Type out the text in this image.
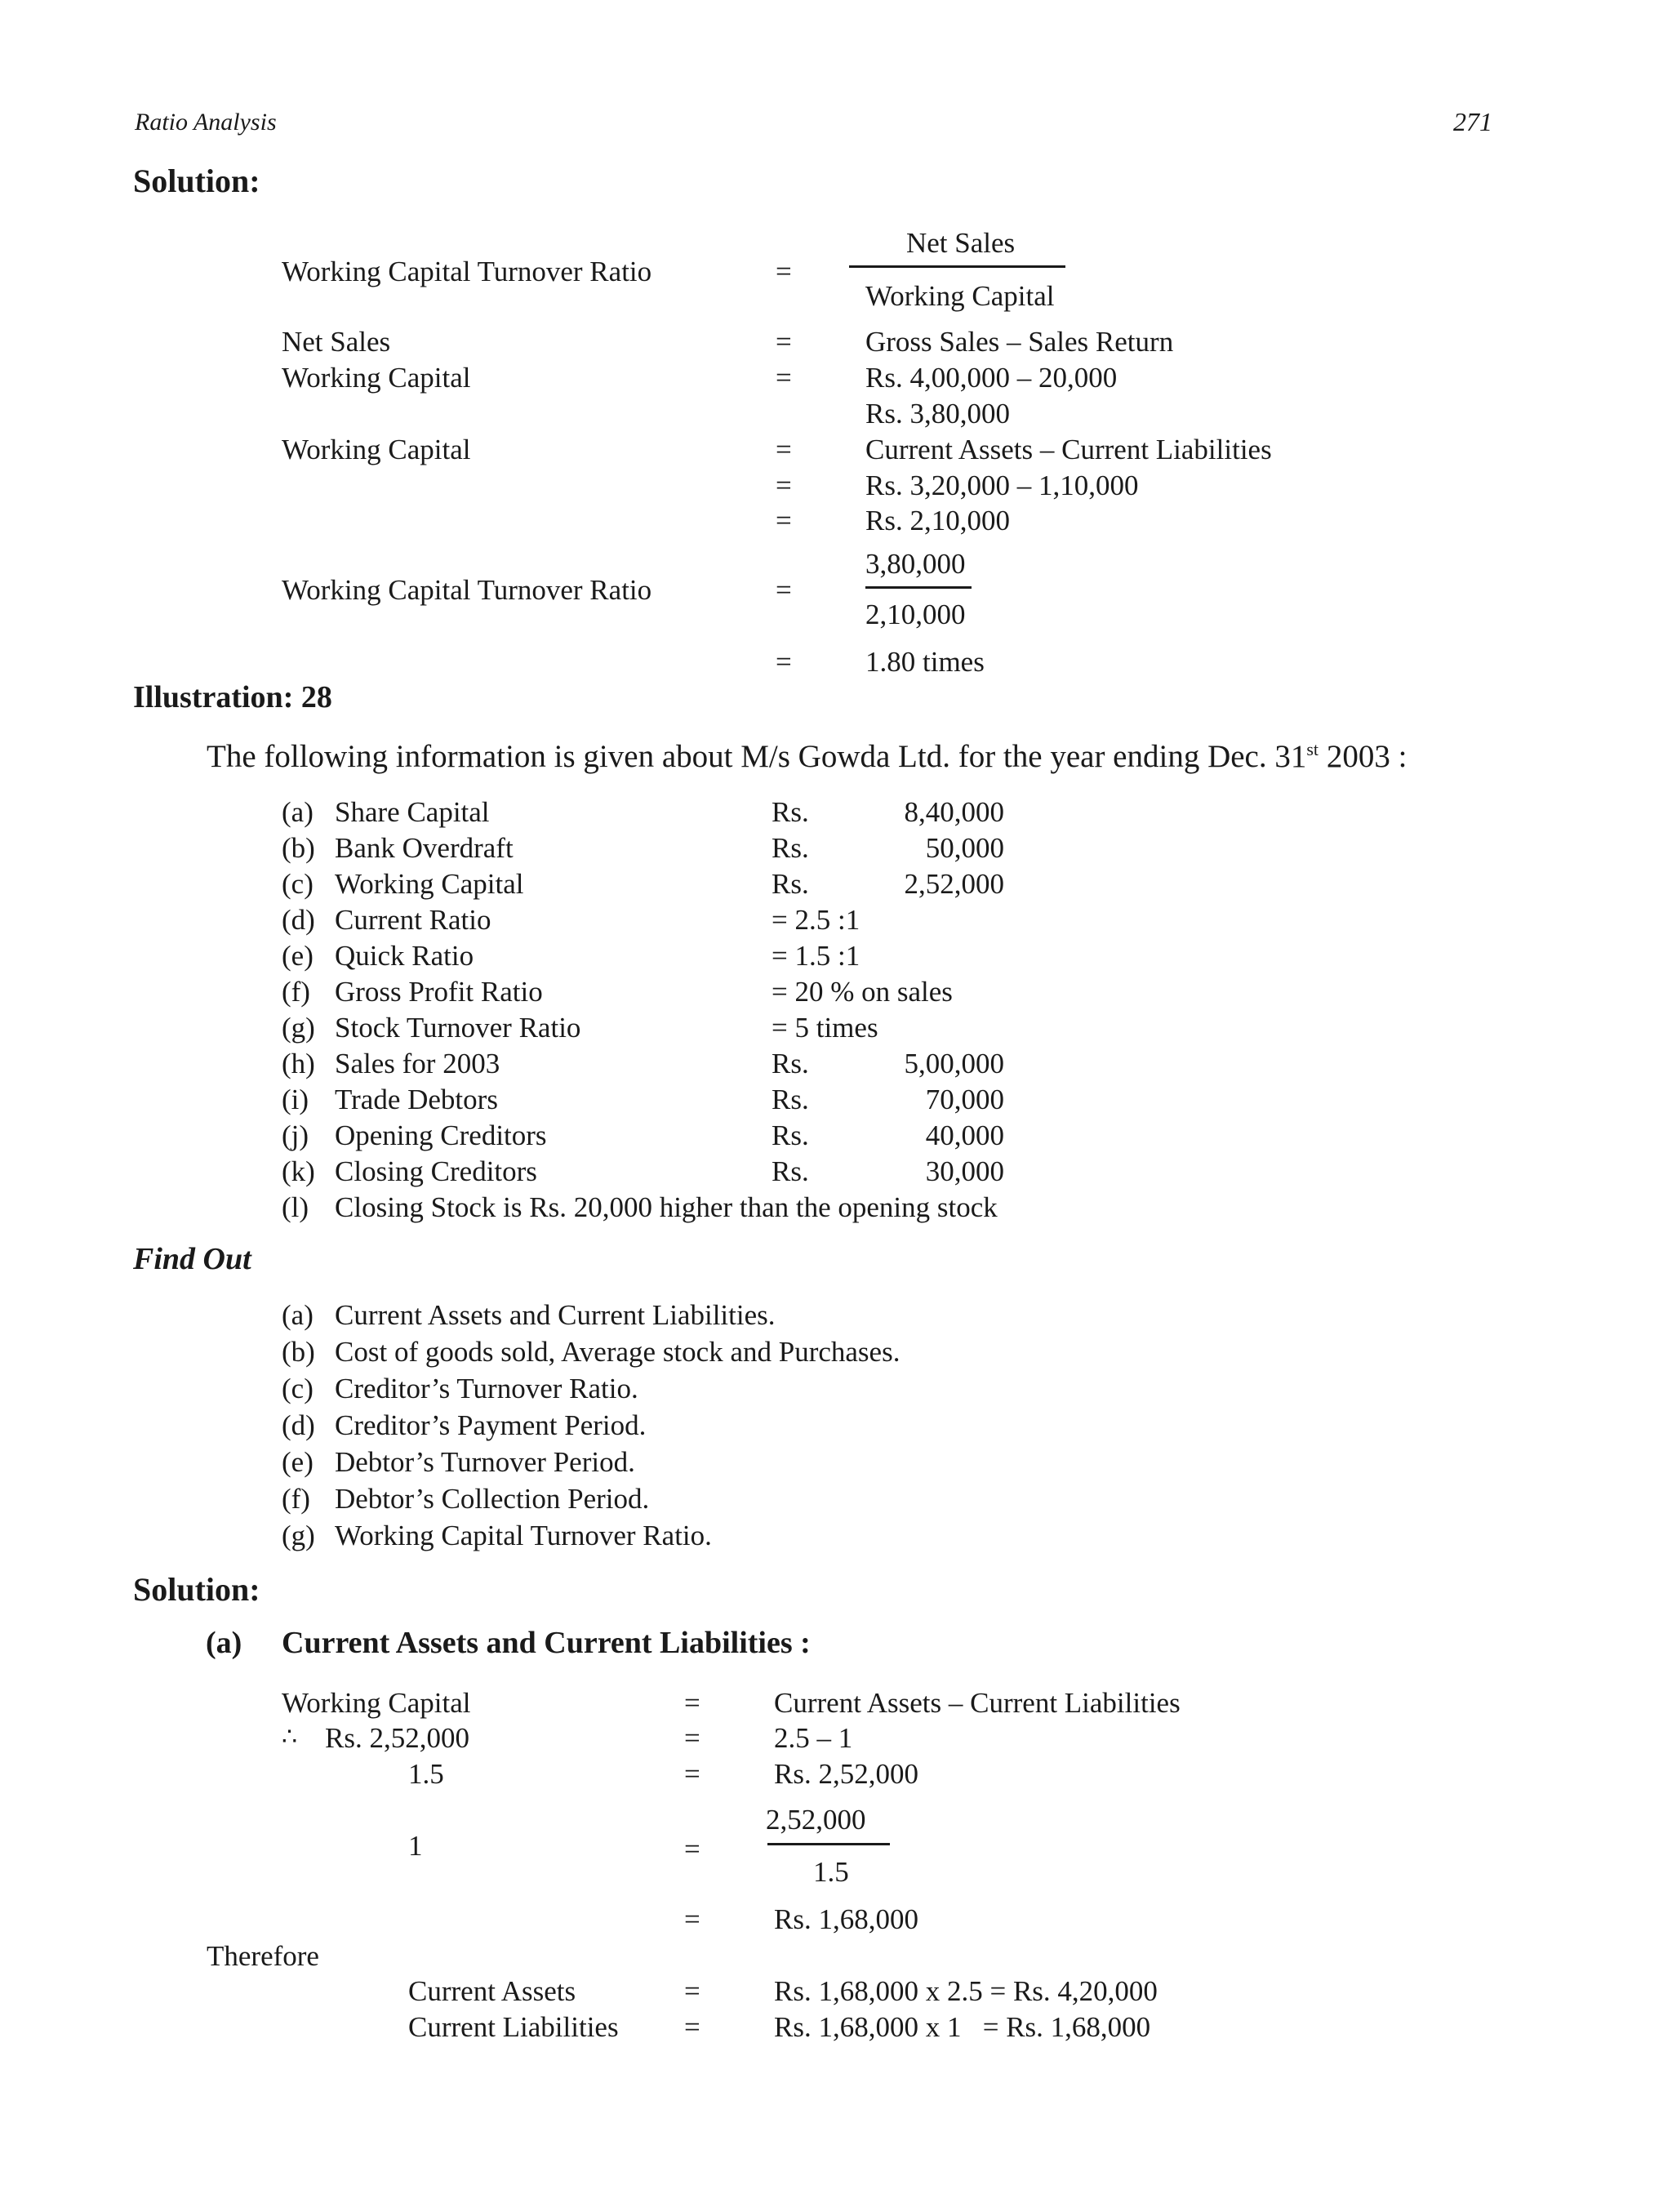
Ratio Analysis	271
Solution:
Net Sales
Working Capital Turnover Ratio	=
Working Capital
Net Sales	=	Gross Sales – Sales Return
Working Capital	=	Rs. 4,00,000 – 20,000
Rs. 3,80,000
Working Capital	=	Current Assets – Current Liabilities
=	Rs. 3,20,000 – 1,10,000
=	Rs. 2,10,000
3,80,000
Working Capital Turnover Ratio	=
2,10,000
=	1.80 times
Illustration: 28
The following information is given about M/s Gowda Ltd. for the year ending Dec. 31st 2003 :
(a) Share Capital	Rs.	8,40,000
(b) Bank Overdraft	Rs.	50,000
(c) Working Capital	Rs.	2,52,000
(d) Current Ratio	= 2.5 :1
(e) Quick Ratio	= 1.5 :1
(f) Gross Profit Ratio	= 20 % on sales
(g) Stock Turnover Ratio	= 5 times
(h) Sales for 2003	Rs.	5,00,000
(i) Trade Debtors	Rs.	70,000
(j) Opening Creditors	Rs.	40,000
(k) Closing Creditors	Rs.	30,000
(l) Closing Stock is Rs. 20,000 higher than the opening stock
Find Out
(a) Current Assets and Current Liabilities.
(b) Cost of goods sold, Average stock and Purchases.
(c) Creditor’s Turnover Ratio.
(d) Creditor’s Payment Period.
(e) Debtor’s Turnover Period.
(f) Debtor’s Collection Period.
(g) Working Capital Turnover Ratio.
Solution:
(a) Current Assets and Current Liabilities :
Working Capital	=	Current Assets – Current Liabilities
∴ Rs. 2,52,000	=	2.5 – 1
1.5	=	Rs. 2,52,000
2,52,000
1	=
1.5
=	Rs. 1,68,000
Therefore
Current Assets	=	Rs. 1,68,000 x 2.5 = Rs. 4,20,000
Current Liabilities =	Rs. 1,68,000 x 1   = Rs. 1,68,000
